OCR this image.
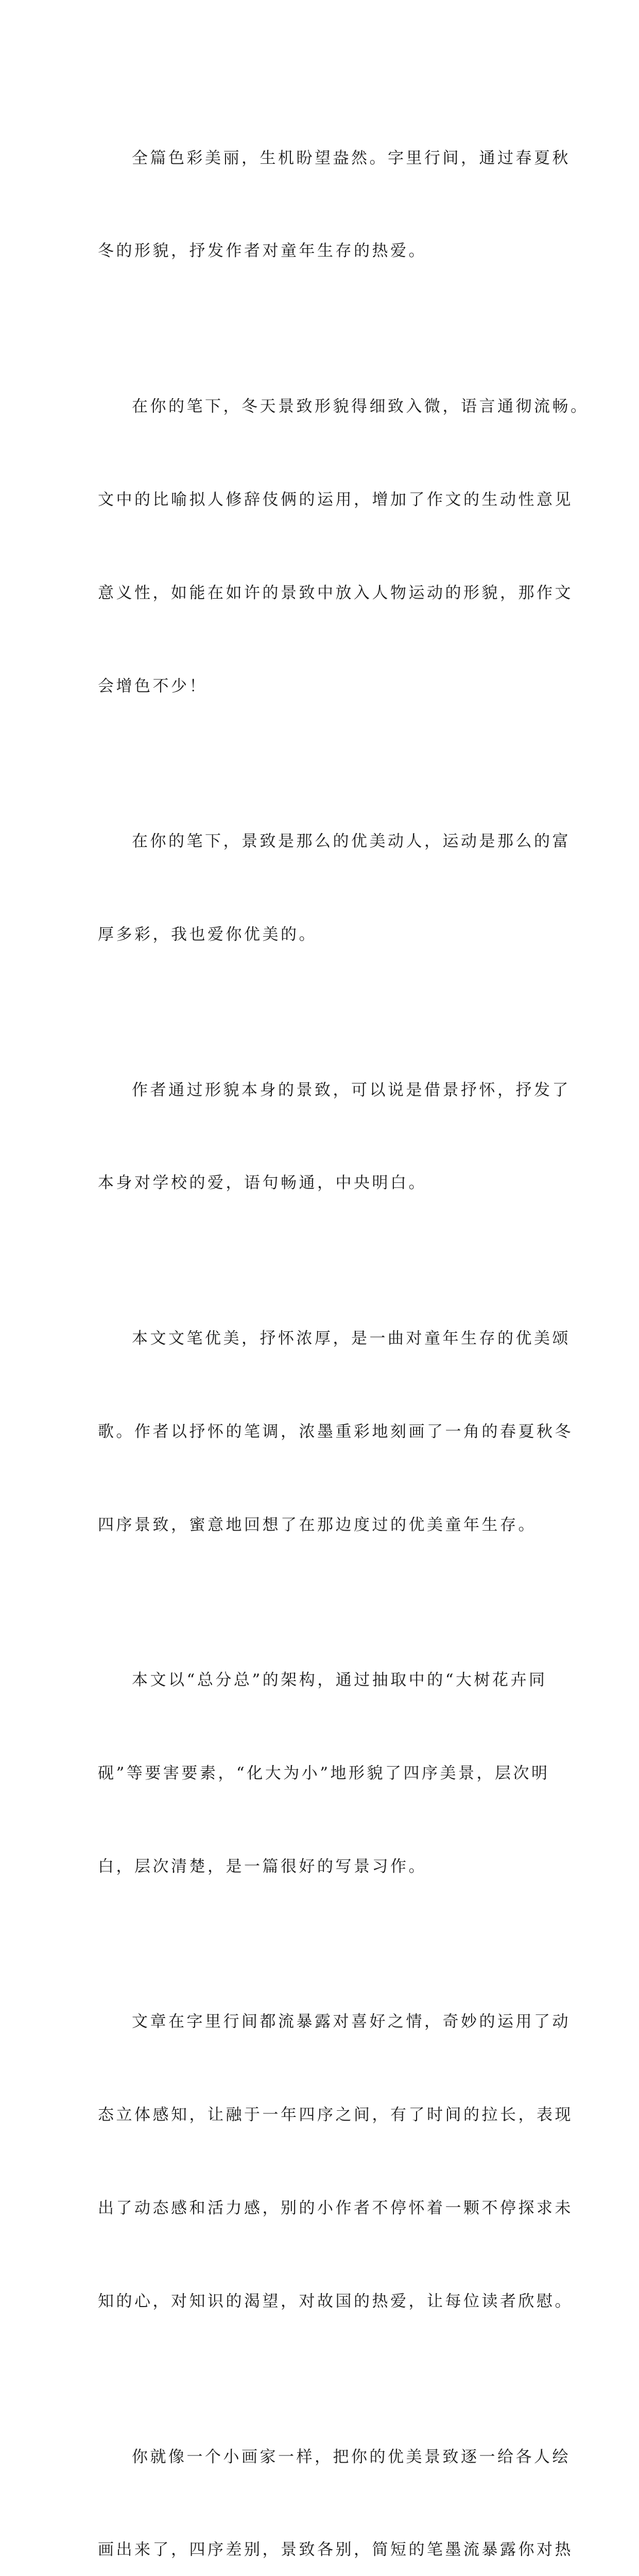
全篇色彩美丽，生机盼望盎然。字里行间，通过春夏秋

冬的形貌，抒发作者对童年生存的热爱。

在你的笔下，冬天景致形貌得细致入微，语言通彻流畅。

文中的比喻拟人修辞伎俩的运用，增加了作文的生动性意见

意义性，如能在如许的景致中放入人物运动的形貌，那作文

会增色不少！

在你的笔下，景致是那么的优美动人，运动是那么的富

厚多彩，我也爱你优美的。

作者通过形貌本身的景致，可以说是借景抒怀，抒发了

本身对学校的爱，语句畅通，中央明白。

本文文笔优美，抒怀浓厚，是一曲对童年生存的优美颂

歌。作者以抒怀的笔调，浓墨重彩地刻画了一角的春夏秋冬

四序景致，蜜意地回想了在那边度过的优美童年生存。

本文以“总分总”的架构，通过抽取中的“大树花卉同

砚”等要害要素，“化大为小”地形貌了四序美景，层次明

白，层次清楚，是一篇很好的写景习作。

文章在字里行间都流暴露对喜好之情，奇妙的运用了动

态立体感知，让融于一年四序之间，有了时间的拉长，表现

出了动态感和活力感，别的小作者不停怀着一颗不停探求未

知的心，对知识的渴望，对故国的热爱，让每位读者欣慰。

你就像一个小画家一样，把你的优美景致逐一给各人绘

画出来了，四序差别，景致各别，简短的笔墨流暴露你对热
